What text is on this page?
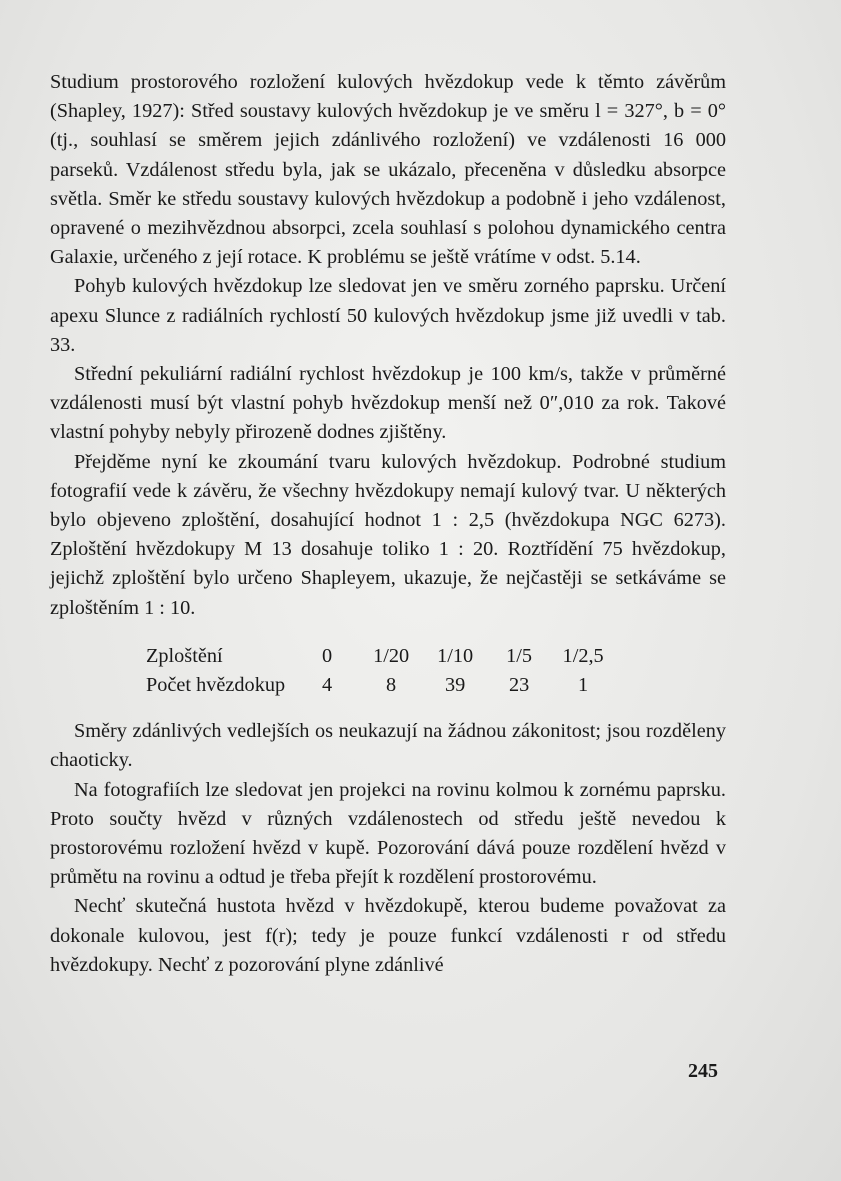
Studium prostorového rozložení kulových hvězdokup vede k těmto závěrům (Shapley, 1927): Střed soustavy kulových hvězdokup je ve směru l = 327°, b = 0° (tj., souhlasí se směrem jejich zdánlivého rozložení) ve vzdálenosti 16 000 parseků. Vzdálenost středu byla, jak se ukázalo, přeceněna v důsledku absorpce světla. Směr ke středu soustavy kulových hvězdokup a podobně i jeho vzdálenost, opravené o mezihvězdnou absorpci, zcela souhlasí s polohou dynamického centra Galaxie, určeného z její rotace. K problému se ještě vrátíme v odst. 5.14.

Pohyb kulových hvězdokup lze sledovat jen ve směru zorného paprsku. Určení apexu Slunce z radiálních rychlostí 50 kulových hvězdokup jsme již uvedli v tab. 33.

Střední pekuliární radiální rychlost hvězdokup je 100 km/s, takže v průměrné vzdálenosti musí být vlastní pohyb hvězdokup menší než 0″,010 za rok. Takové vlastní pohyby nebyly přirozeně dodnes zjištěny.

Přejděme nyní ke zkoumání tvaru kulových hvězdokup. Podrobné studium fotografií vede k závěru, že všechny hvězdokupy nemají kulový tvar. U některých bylo objeveno zploštění, dosahující hodnot 1 : 2,5 (hvězdokupa NGC 6273). Zploštění hvězdokupy M 13 dosahuje toliko 1 : 20. Roztřídění 75 hvězdokup, jejichž zploštění bylo určeno Shapleyem, ukazuje, že nejčastěji se setkáváme se zploštěním 1 : 10.

Zploštění	0	1/20	1/10	1/5	1/2,5
Počet hvězdokup	4	8	39	23	1

Směry zdánlivých vedlejších os neukazují na žádnou zákonitost; jsou rozděleny chaoticky.

Na fotografiích lze sledovat jen projekci na rovinu kolmou k zornému paprsku. Proto součty hvězd v různých vzdálenostech od středu ještě nevedou k prostorovému rozložení hvězd v kupě. Pozorování dává pouze rozdělení hvězd v průmětu na rovinu a odtud je třeba přejít k rozdělení prostorovému.

Nechť skutečná hustota hvězd v hvězdokupě, kterou budeme považovat za dokonale kulovou, jest f(r); tedy je pouze funkcí vzdálenosti r od středu hvězdokupy. Nechť z pozorování plyne zdánlivé

245
